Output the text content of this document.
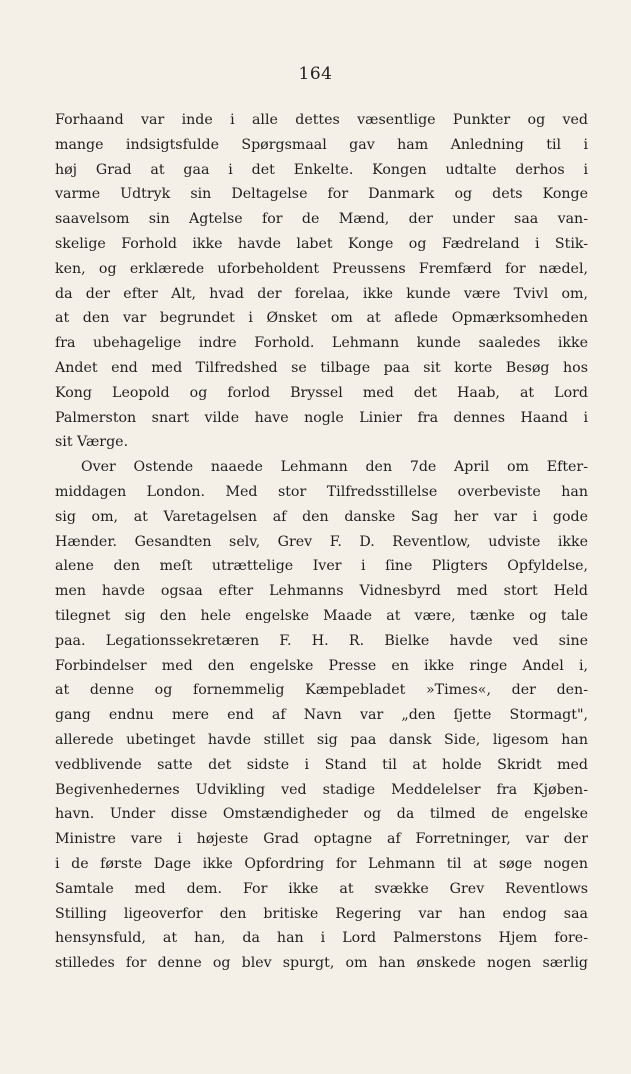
164
Forhaand var inde i alle dettes væsentlige Punkter og ved
mange indsigtsfulde Spørgsmaal gav ham Anledning til i
høj Grad at gaa i det Enkelte. Kongen udtalte derhos i
varme Udtryk sin Deltagelse for Danmark og dets Konge
saavelsom sin Agtelse for de Mænd, der under saa van-
skelige Forhold ikke havde labet Konge og Fædreland i Stik-
ken, og erklærede uforbeholdent Preussens Fremfærd for nædel,
da der efter Alt, hvad der forelaa, ikke kunde være Tvivl om,
at den var begrundet i Ønsket om at aflede Opmærksomheden
fra ubehagelige indre Forhold. Lehmann kunde saaledes ikke
Andet end med Tilfredshed se tilbage paa sit korte Besøg hos
Kong Leopold og forlod Bryssel med det Haab, at Lord
Palmerston snart vilde have nogle Linier fra dennes Haand i
sit Værge.
Over Ostende naaede Lehmann den 7de April om Efter-
middagen London. Med stor Tilfredsstillelse overbeviste han
sig om, at Varetagelsen af den danske Sag her var i gode
Hænder. Gesandten selv, Grev F. D. Reventlow, udviste ikke
alene den meſt utrættelige Iver i ſine Pligters Opfyldelse,
men havde ogsaa efter Lehmanns Vidnesbyrd med stort Held
tilegnet sig den hele engelske Maade at være, tænke og tale
paa. Legationssekretæren F. H. R. Bielke havde ved sine
Forbindelser med den engelske Presse en ikke ringe Andel i,
at denne og fornemmelig Kæmpebladet »Times«, der den-
gang endnu mere end af Navn var „den ſjette Stormagt",
allerede ubetinget havde stillet sig paa dansk Side, ligesom han
vedblivende satte det sidste i Stand til at holde Skridt med
Begivenhedernes Udvikling ved stadige Meddelelser fra Kjøben-
havn. Under disse Omstændigheder og da tilmed de engelske
Ministre vare i højeste Grad optagne af Forretninger, var der
i de første Dage ikke Opfordring for Lehmann til at søge nogen
Samtale med dem. For ikke at svække Grev Reventlows
Stilling ligeoverfor den britiske Regering var han endog saa
hensynsfuld, at han, da han i Lord Palmerstons Hjem fore-
stilledes for denne og blev spurgt, om han ønskede nogen særlig
